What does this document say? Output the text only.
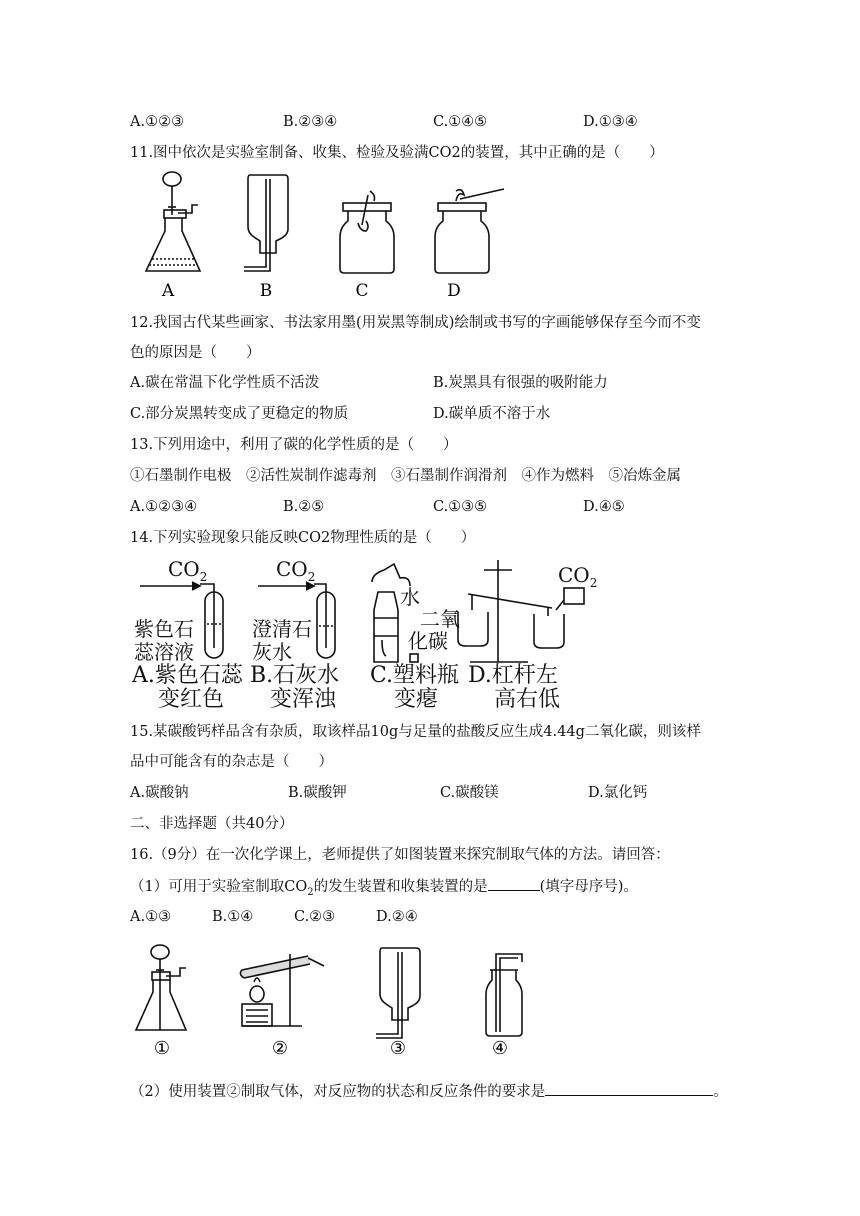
A.①②③	B.②③④	C.①④⑤	D.①③④
11.图中依次是实验室制备、收集、检验及验满CO2的装置，其中正确的是（　　）
A	B	C	D
12.我国古代某些画家、书法家用墨(用炭黑等制成)绘制或书写的字画能够保存至今而不变
色的原因是（　　）
A.碳在常温下化学性质不活泼	B.炭黑具有很强的吸附能力
C.部分炭黑转变成了更稳定的物质	D.碳单质不溶于水
13.下列用途中，利用了碳的化学性质的是（　　）
①石墨制作电极　②活性炭制作滤毒剂　③石墨制作润滑剂　④作为燃料　⑤冶炼金属
A.①②③④	B.②⑤	C.①③⑤	D.④⑤
14.下列实验现象只能反映CO2物理性质的是（　　）
$CO_2$
紫色石
蕊溶液
A.紫色石蕊
变红色
$CO_2$
澄清石
灰水
B.石灰水
变浑浊
水
二氧
化碳
C.塑料瓶
变瘪
$CO_2$
D.杠杆左
高右低
15.某碳酸钙样品含有杂质，取该样品10g与足量的盐酸反应生成4.44g二氧化碳，则该样
品中可能含有的杂志是（　　）
A.碳酸钠	B.碳酸钾	C.碳酸镁	D.氯化钙
二、非选择题（共40分）
16.（9分）在一次化学课上，老师提供了如图装置来探究制取气体的方法。请回答：
（1）可用于实验室制取$CO_2$的发生装置和收集装置的是	(填字母序号)。
A.①③	B.①④	C.②③	D.②④
①	②	③	④
（2）使用装置②制取气体，对反应物的状态和反应条件的要求是	。
